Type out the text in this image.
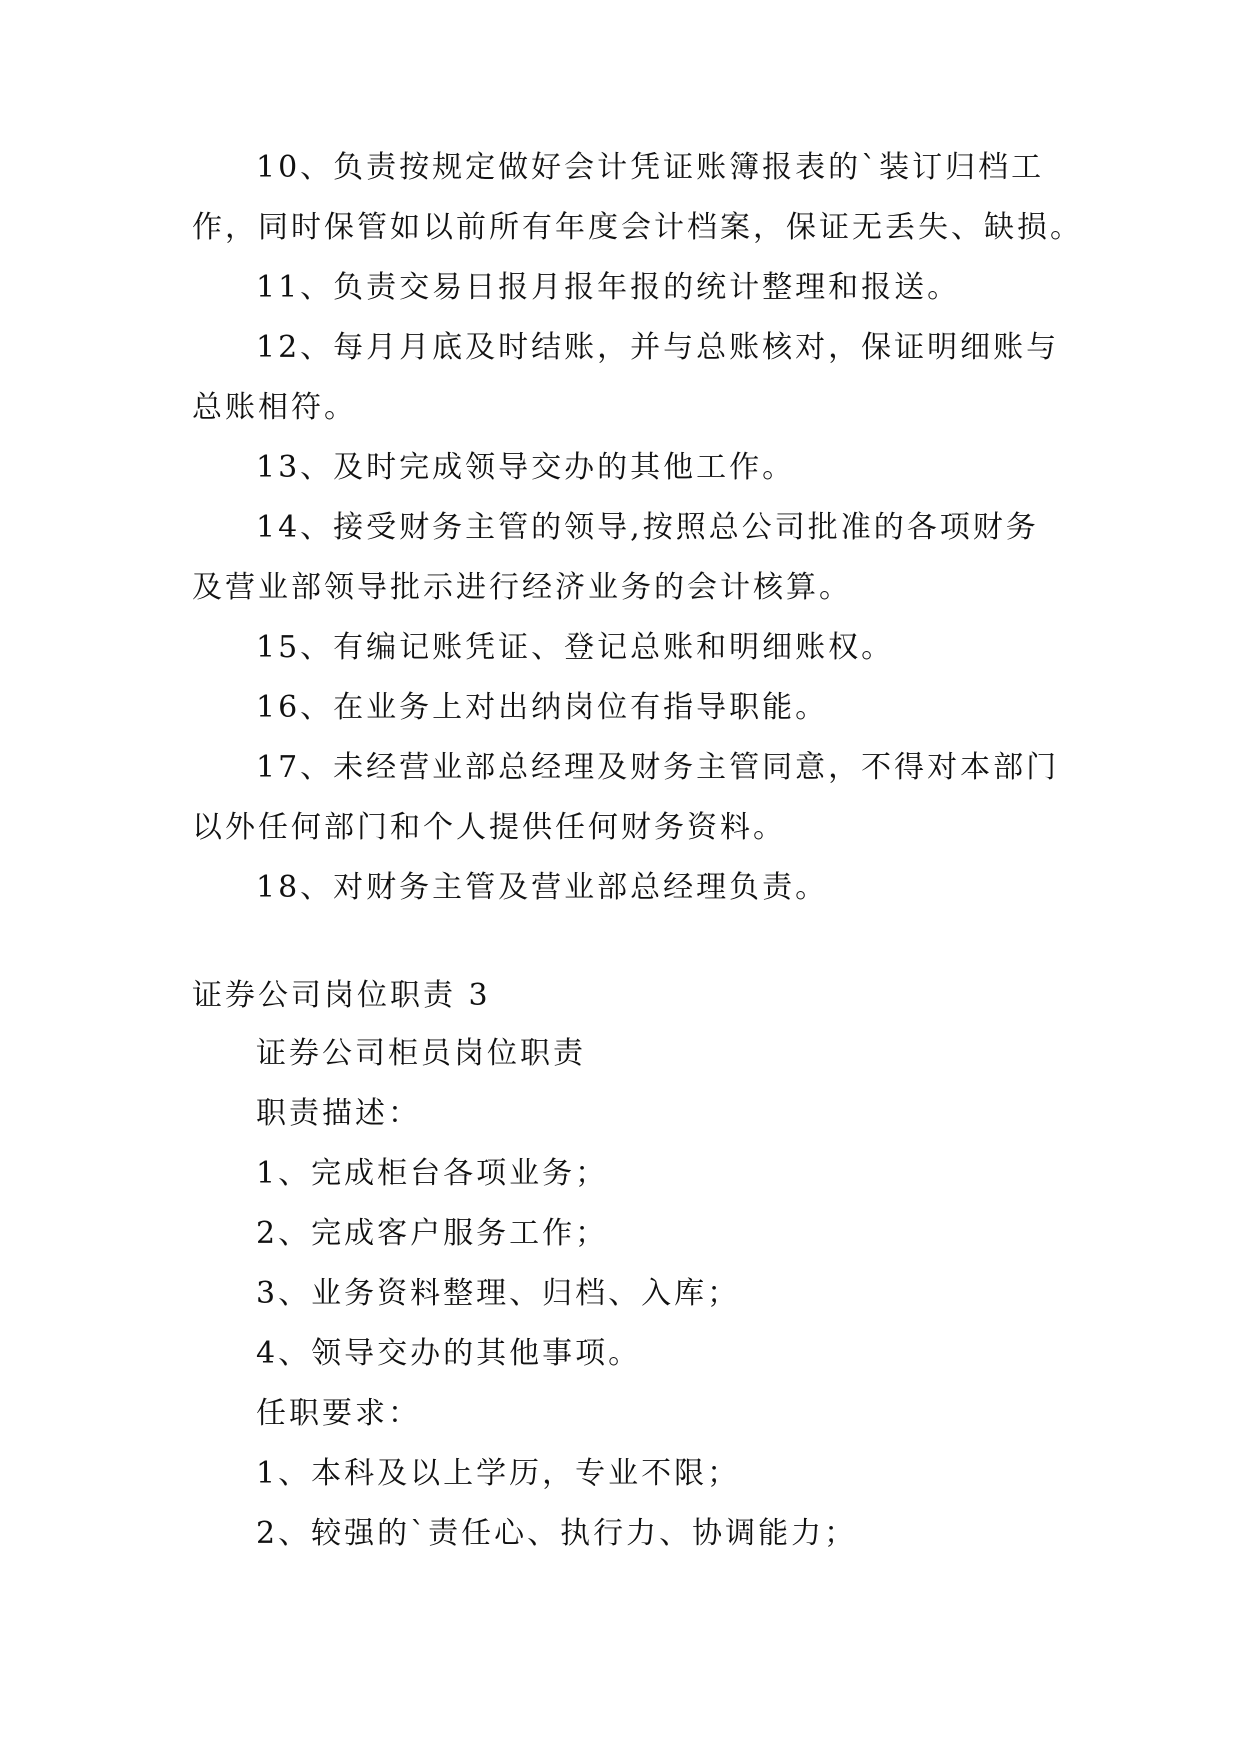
10、负责按规定做好会计凭证账簿报表的`装订归档工
作，同时保管如以前所有年度会计档案，保证无丢失、缺损。
11、负责交易日报月报年报的统计整理和报送。
12、每月月底及时结账，并与总账核对，保证明细账与
总账相符。
13、及时完成领导交办的其他工作。
14、接受财务主管的领导,按照总公司批准的各项财务
及营业部领导批示进行经济业务的会计核算。
15、有编记账凭证、登记总账和明细账权。
16、在业务上对出纳岗位有指导职能。
17、未经营业部总经理及财务主管同意，不得对本部门
以外任何部门和个人提供任何财务资料。
18、对财务主管及营业部总经理负责。
证券公司岗位职责 3
证券公司柜员岗位职责
职责描述：
1、完成柜台各项业务；
2、完成客户服务工作；
3、业务资料整理、归档、入库；
4、领导交办的其他事项。
任职要求：
1、本科及以上学历，专业不限；
2、较强的`责任心、执行力、协调能力；
